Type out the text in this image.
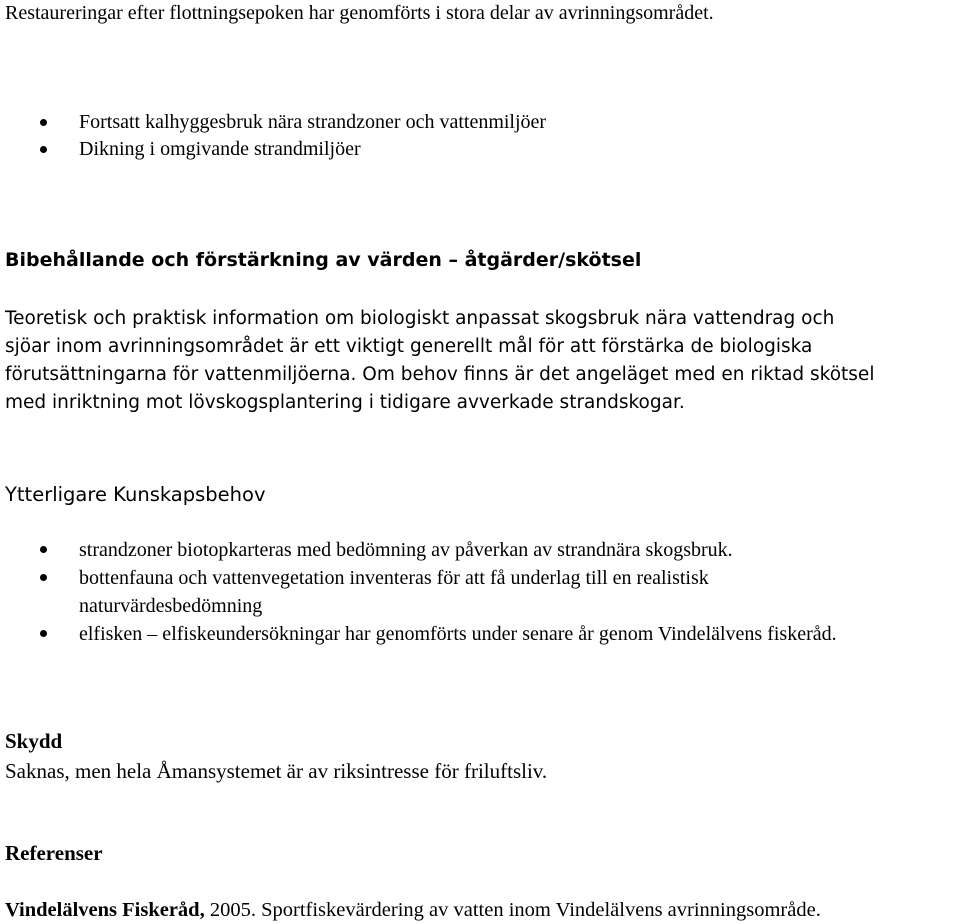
Restaureringar efter flottningsepoken har genomförts i stora delar av avrinningsområdet.
Fortsatt kalhyggesbruk nära strandzoner och vattenmiljöer
Dikning i omgivande strandmiljöer
Bibehållande och förstärkning av värden – åtgärder/skötsel
Teoretisk och praktisk information om biologiskt anpassat skogsbruk nära vattendrag och
sjöar inom avrinningsområdet är ett viktigt generellt mål för att förstärka de biologiska
förutsättningarna för vattenmiljöerna. Om behov finns är det angeläget med en riktad skötsel
med inriktning mot lövskogsplantering i tidigare avverkade strandskogar.
Ytterligare Kunskapsbehov
strandzoner biotopkarteras med bedömning av påverkan av strandnära skogsbruk.
bottenfauna och vattenvegetation inventeras för att få underlag till en realistisk
naturvärdesbedömning
elfisken – elfiskeundersökningar har genomförts under senare år genom Vindelälvens fiskeråd.
Skydd
Saknas, men hela Åmansystemet är av riksintresse för friluftsliv.
Referenser
Vindelälvens Fiskeråd, 2005. Sportfiskevärdering av vatten inom Vindelälvens avrinningsområde.
